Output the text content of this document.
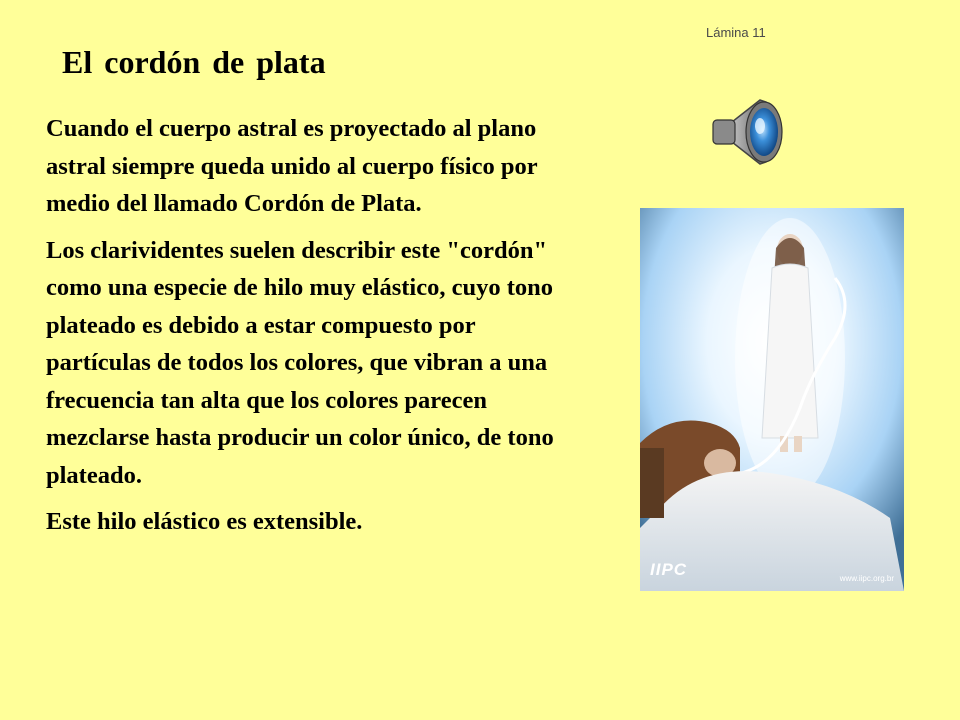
Lámina 11
El cordón de plata

Cuando el cuerpo astral es proyectado al plano astral siempre queda unido al cuerpo físico por medio del llamado Cordón de Plata.

Los clarividentes suelen describir este "cordón" como una especie de hilo muy elástico, cuyo tono plateado es debido a estar compuesto por partículas de todos los colores, que vibran a una frecuencia tan alta que los colores parecen mezclarse hasta producir un color único, de tono plateado.

Este hilo elástico es extensible.

IIPC	www.iipc.org.br
